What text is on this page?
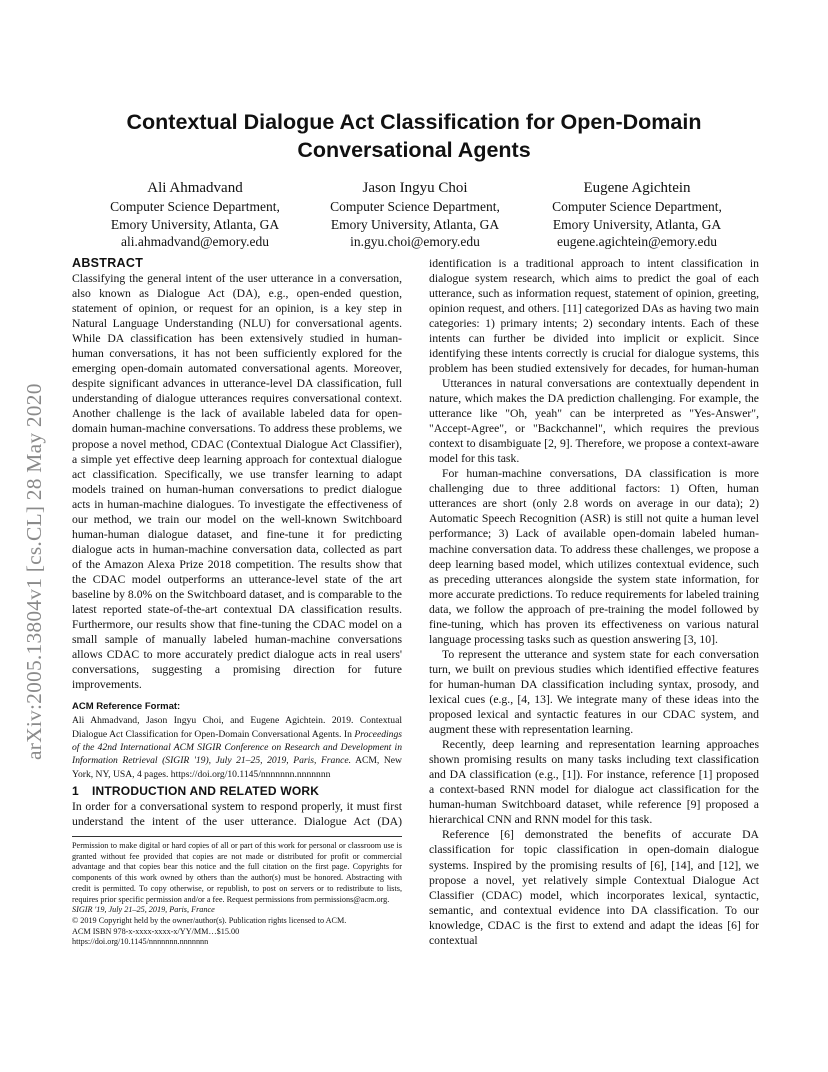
arXiv:2005.13804v1 [cs.CL] 28 May 2020
Contextual Dialogue Act Classification for Open-Domain
Conversational Agents
Ali Ahmadvand
Computer Science Department,
Emory University, Atlanta, GA
ali.ahmadvand@emory.edu
Jason Ingyu Choi
Computer Science Department,
Emory University, Atlanta, GA
in.gyu.choi@emory.edu
Eugene Agichtein
Computer Science Department,
Emory University, Atlanta, GA
eugene.agichtein@emory.edu

ABSTRACT

Classifying the general intent of the user utterance in a conversation, also known as Dialogue Act (DA), e.g., open-ended question, statement of opinion, or request for an opinion, is a key step in Natural Language Understanding (NLU) for conversational agents. While DA classification has been extensively studied in human-human conversations, it has not been sufficiently explored for the emerging open-domain automated conversational agents. Moreover, despite significant advances in utterance-level DA classification, full understanding of dialogue utterances requires conversational context. Another challenge is the lack of available labeled data for open-domain human-machine conversations. To address these problems, we propose a novel method, CDAC (Contextual Dialogue Act Classifier), a simple yet effective deep learning approach for contextual dialogue act classification. Specifically, we use transfer learning to adapt models trained on human-human conversations to predict dialogue acts in human-machine dialogues. To investigate the effectiveness of our method, we train our model on the well-known Switchboard human-human dialogue dataset, and fine-tune it for predicting dialogue acts in human-machine conversation data, collected as part of the Amazon Alexa Prize 2018 competition. The results show that the CDAC model outperforms an utterance-level state of the art baseline by 8.0% on the Switchboard dataset, and is comparable to the latest reported state-of-the-art contextual DA classification results. Furthermore, our results show that fine-tuning the CDAC model on a small sample of manually labeled human-machine conversations allows CDAC to more accurately predict dialogue acts in real users' conversations, suggesting a promising direction for future improvements.

ACM Reference Format:

Ali Ahmadvand, Jason Ingyu Choi, and Eugene Agichtein. 2019. Contextual Dialogue Act Classification for Open-Domain Conversational Agents. In Proceedings of the 42nd International ACM SIGIR Conference on Research and Development in Information Retrieval (SIGIR '19), July 21–25, 2019, Paris, France. ACM, New York, NY, USA, 4 pages. https://doi.org/10.1145/nnnnnnn.nnnnnnn

1 INTRODUCTION AND RELATED WORK

In order for a conversational system to respond properly, it must first understand the intent of the user utterance. Dialogue Act (DA)

identification is a traditional approach to intent classification in dialogue system research, which aims to predict the goal of each utterance, such as information request, statement of opinion, greeting, opinion request, and others. [11] categorized DAs as having two main categories: 1) primary intents; 2) secondary intents. Each of these intents can further be divided into implicit or explicit. Since identifying these intents correctly is crucial for dialogue systems, this problem has been studied extensively for decades, for human-human

Utterances in natural conversations are contextually dependent in nature, which makes the DA prediction challenging. For example, the utterance like "Oh, yeah" can be interpreted as "Yes-Answer", "Accept-Agree", or "Backchannel", which requires the previous context to disambiguate [2, 9]. Therefore, we propose a context-aware model for this task.

For human-machine conversations, DA classification is more challenging due to three additional factors: 1) Often, human utterances are short (only 2.8 words on average in our data); 2) Automatic Speech Recognition (ASR) is still not quite a human level performance; 3) Lack of available open-domain labeled human-machine conversation data. To address these challenges, we propose a deep learning based model, which utilizes contextual evidence, such as preceding utterances alongside the system state information, for more accurate predictions. To reduce requirements for labeled training data, we follow the approach of pre-training the model followed by fine-tuning, which has proven its effectiveness on various natural language processing tasks such as question answering [3, 10].

To represent the utterance and system state for each conversation turn, we built on previous studies which identified effective features for human-human DA classification including syntax, prosody, and lexical cues (e.g., [4, 13]. We integrate many of these ideas into the proposed lexical and syntactic features in our CDAC system, and augment these with representation learning.

Recently, deep learning and representation learning approaches shown promising results on many tasks including text classification and DA classification (e.g., [1]). For instance, reference [1] proposed a context-based RNN model for dialogue act classification for the human-human Switchboard dataset, while reference [9] proposed a hierarchical CNN and RNN model for this task.

Reference [6] demonstrated the benefits of accurate DA classification for topic classification in open-domain dialogue systems. Inspired by the promising results of [6], [14], and [12], we propose a novel, yet relatively simple Contextual Dialogue Act Classifier (CDAC) model, which incorporates lexical, syntactic, semantic, and contextual evidence into DA classification. To our knowledge, CDAC is the first to extend and adapt the ideas [6] for contextual

Permission to make digital or hard copies of all or part of this work for personal or classroom use is granted without fee provided that copies are not made or distributed for profit or commercial advantage and that copies bear this notice and the full citation on the first page. Copyrights for components of this work owned by others than the author(s) must be honored. Abstracting with credit is permitted. To copy otherwise, or republish, to post on servers or to redistribute to lists, requires prior specific permission and/or a fee. Request permissions from permissions@acm.org.

SIGIR '19, July 21–25, 2019, Paris, France

© 2019 Copyright held by the owner/author(s). Publication rights licensed to ACM.

ACM ISBN 978-x-xxxx-xxxx-x/YY/MM…$15.00

https://doi.org/10.1145/nnnnnnn.nnnnnnn
